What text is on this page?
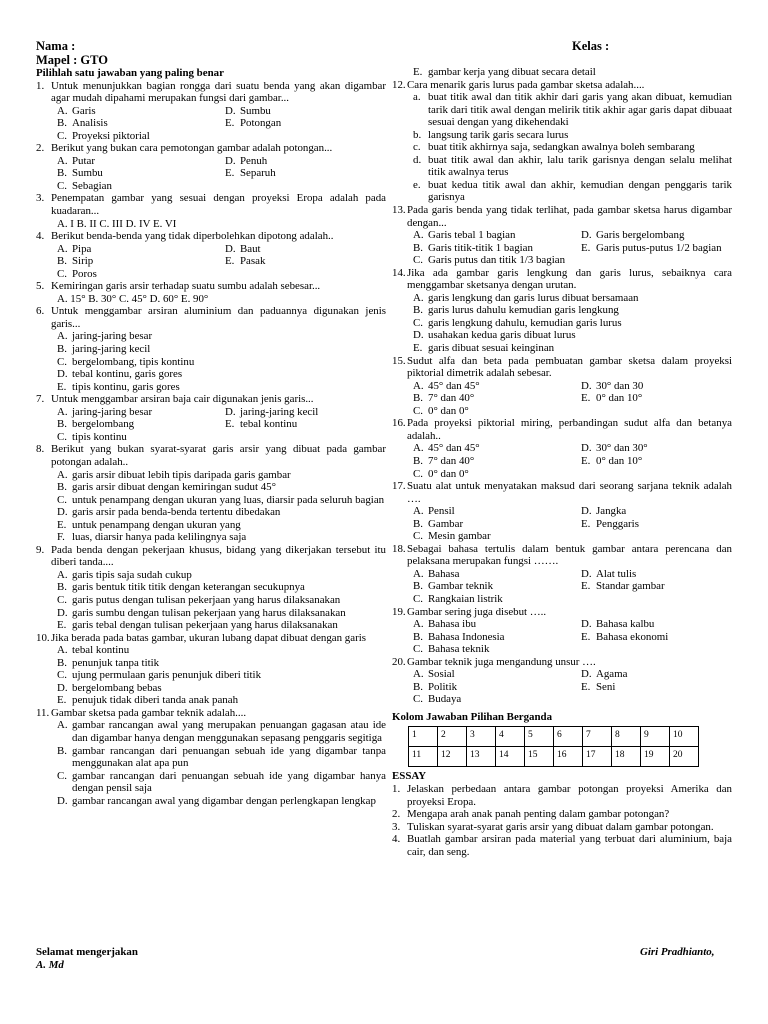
Nama :	Kelas :
Mapel : GTO
Pilihlah satu jawaban yang paling benar
1. Untuk menunjukkan bagian rongga dari suatu benda yang akan digambar agar mudah dipahami merupakan fungsi dari gambar...
A. Garis	D. Sumbu
B. Analisis	E. Potongan
C. Proyeksi piktorial
2. Berikut yang bukan cara pemotongan gambar adalah potongan...
A. Putar	D. Penuh
B. Sumbu	E. Separuh
C. Sebagian
3. Penempatan gambar yang sesuai dengan proyeksi Eropa adalah pada kuadaran...
A. I B. II C. III D. IV E. VI
4. Berikut benda-benda yang tidak diperbolehkan dipotong adalah..
A. Pipa	D. Baut
B. Sirip	E. Pasak
C. Poros
5. Kemiringan garis arsir terhadap suatu sumbu adalah sebesar...
A. 15° B. 30° C. 45° D. 60° E. 90°
6. Untuk menggambar arsiran aluminium dan paduannya digunakan jenis garis...
A. jaring-jaring besar
B. jaring-jaring kecil
C. bergelombang, tipis kontinu
D. tebal kontinu, garis gores
E. tipis kontinu, garis gores
7. Untuk menggambar arsiran baja cair digunakan jenis garis...
A. jaring-jaring besar	D. jaring-jaring kecil
B. bergelombang	E. tebal kontinu
C. tipis kontinu
8. Berikut yang bukan syarat-syarat garis arsir yang dibuat pada gambar potongan adalah..
A. garis arsir dibuat lebih tipis daripada garis gambar
B. garis arsir dibuat dengan kemiringan sudut 45°
C. untuk penampang dengan ukuran yang luas, diarsir pada seluruh bagian
D. garis arsir pada benda-benda tertentu dibedakan
E. untuk penampang dengan ukuran yang
F. luas, diarsir hanya pada kelilingnya saja
9. Pada benda dengan pekerjaan khusus, bidang yang dikerjakan tersebut itu diberi tanda....
A. garis tipis saja sudah cukup
B. garis bentuk titik titik dengan keterangan secukupnya
C. garis putus dengan tulisan pekerjaan yang harus dilaksanakan
D. garis sumbu dengan tulisan pekerjaan yang harus dilaksanakan
E. garis tebal dengan tulisan pekerjaan yang harus dilaksanakan
10. Jika berada pada batas gambar, ukuran lubang dapat dibuat dengan garis
A. tebal kontinu
B. penunjuk tanpa titik
C. ujung permulaan garis penunjuk diberi titik
D. bergelombang bebas
E. penujuk tidak diberi tanda anak panah
11. Gambar sketsa pada gambar teknik adalah....
A. gambar rancangan awal yang merupakan penuangan gagasan atau ide dan digambar hanya dengan menggunakan sepasang penggaris segitiga
B. gambar rancangan dari penuangan sebuah ide yang digambar tanpa menggunakan alat apa pun
C. gambar rancangan dari penuangan sebuah ide yang digambar hanya dengan pensil saja
D. gambar rancangan awal yang digambar dengan perlengkapan lengkap
E. gambar kerja yang dibuat secara detail
12. Cara menarik garis lurus pada gambar sketsa adalah....
a. buat titik awal dan titik akhir dari garis yang akan dibuat, kemudian tarik dari titik awal dengan melirik titik akhir agar garis dapat dibuaat sesuai dengan yang dikehendaki
b. langsung tarik garis secara lurus
c. buat titik akhirnya saja, sedangkan awalnya boleh sembarang
d. buat titik awal dan akhir, lalu tarik garisnya dengan selalu melihat titik awalnya terus
e. buat kedua titik awal dan akhir, kemudian dengan penggaris tarik garisnya
13. Pada garis benda yang tidak terlihat, pada gambar sketsa harus digambar dengan...
A. Garis tebal 1 bagian	D. Garis bergelombang
B. Garis titik-titik 1 bagian	E. Garis putus-putus 1/2 bagian
C. Garis putus dan titik 1/3 bagian
14. Jika ada gambar garis lengkung dan garis lurus, sebaiknya cara menggambar sketsanya dengan urutan.
A. garis lengkung dan garis lurus dibuat bersamaan
B. garis lurus dahulu kemudian garis lengkung
C. garis lengkung dahulu, kemudian garis lurus
D. usahakan kedua garis dibuat lurus
E. garis dibuat sesuai keinginan
15. Sudut alfa dan beta pada pembuatan gambar sketsa dalam proyeksi piktorial dimetrik adalah sebesar.
A. 45° dan 45°	D. 30° dan 30
B. 7° dan 40°	E. 0° dan 10°
C. 0° dan 0°
16. Pada proyeksi piktorial miring, perbandingan sudut alfa dan betanya adalah..
A. 45° dan 45°	D. 30° dan 30°
B. 7° dan 40°	E. 0° dan 10°
C. 0° dan 0°
17. Suatu alat untuk menyatakan maksud dari seorang sarjana teknik adalah ….
A. Pensil	D. Jangka
B. Gambar	E. Penggaris
C. Mesin gambar
18. Sebagai bahasa tertulis dalam bentuk gambar antara perencana dan pelaksana merupakan fungsi …….
A. Bahasa	D. Alat tulis
B. Gambar teknik	E. Standar gambar
C. Rangkaian listrik
19. Gambar sering juga disebut …..
A. Bahasa ibu	D. Bahasa kalbu
B. Bahasa Indonesia	E. Bahasa ekonomi
C. Bahasa teknik
20. Gambar teknik juga mengandung unsur ….
A. Sosial	D. Agama
B. Politik	E. Seni
C. Budaya
Kolom Jawaban Pilihan Berganda
1	2	3	4	5	6	7	8	9	10
11	12	13	14	15	16	17	18	19	20
ESSAY
1. Jelaskan perbedaan antara gambar potongan proyeksi Amerika dan proyeksi Eropa.
2. Mengapa arah anak panah penting dalam gambar potongan?
3. Tuliskan syarat-syarat garis arsir yang dibuat dalam gambar potongan.
4. Buatlah gambar arsiran pada material yang terbuat dari aluminium, baja cair, dan seng.
Selamat mengerjakan
A. Md
Giri Pradhianto,
